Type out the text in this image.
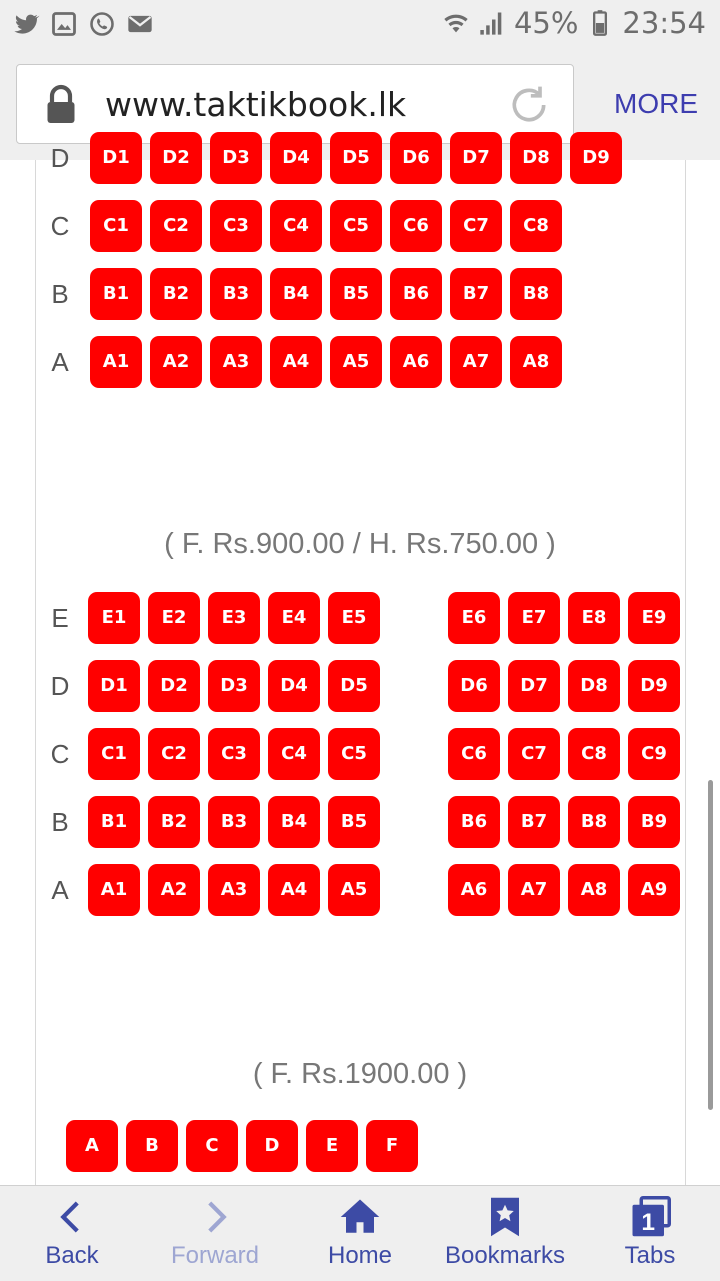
45% 23:54
www.taktikbook.lk	MORE
D	D1	D2	D3	D4	D5	D6	D7	D8	D9
C	C1	C2	C3	C4	C5	C6	C7	C8
B	B1	B2	B3	B4	B5	B6	B7	B8
A	A1	A2	A3	A4	A5	A6	A7	A8
( F. Rs.900.00 / H. Rs.750.00 )
E	E1	E2	E3	E4	E5	E6	E7	E8	E9
D	D1	D2	D3	D4	D5	D6	D7	D8	D9
C	C1	C2	C3	C4	C5	C6	C7	C8	C9
B	B1	B2	B3	B4	B5	B6	B7	B8	B9
A	A1	A2	A3	A4	A5	A6	A7	A8	A9
( F. Rs.1900.00 )
A	B	C	D	E	F
Back	Forward	Home	Bookmarks
1
Tabs
